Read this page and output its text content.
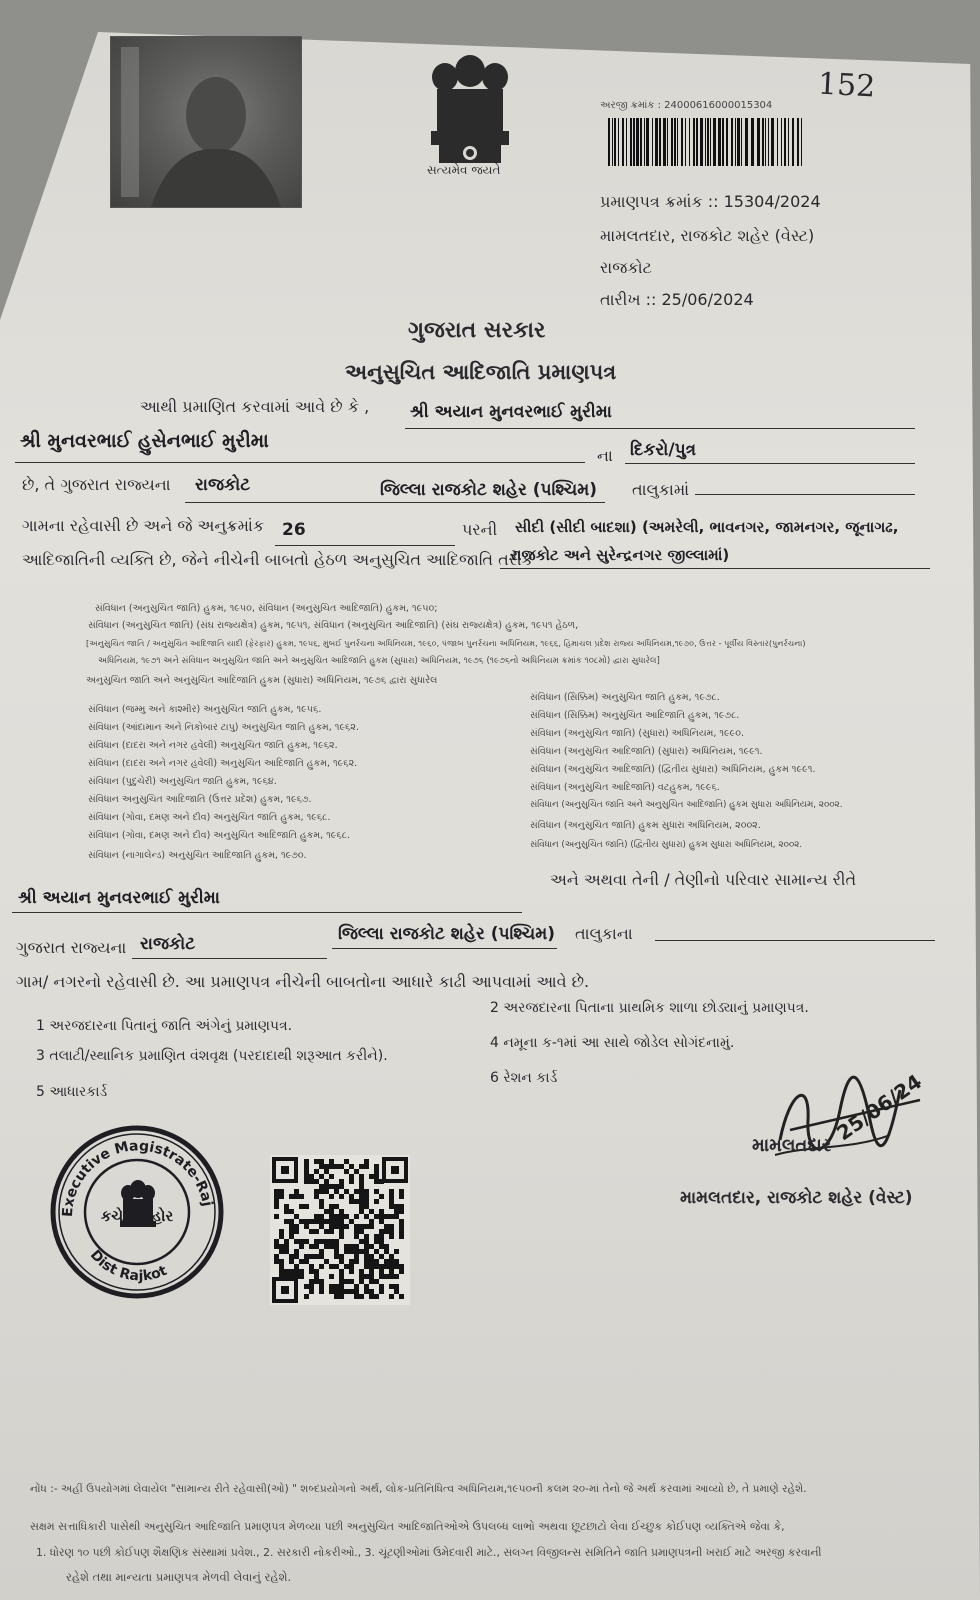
સત્યમેવ જયતે
152
અરજી ક્રમાંક : 24000616000015304
પ્રમાણપત્ર ક્રમાંક :: 15304/2024
મામલતદાર, રાજકોટ શહેર (વેસ્ટ)
રાજકોટ
તારીખ :: 25/06/2024
ગુજરાત સરકાર
અનુસુચિત આદિજાતિ પ્રમાણપત્ર
આથી પ્રમાણિત કરવામાં આવે છે કે , શ્રી અયાન મુનવરભાઈ મુરીમા
શ્રી મુનવરભાઈ હુસેનભાઈ મુરીમા
ના દિકરો/પુત્ર
છે, તે ગુજરાત રાજ્યના રાજકોટ	જિલ્લા રાજકોટ શહેર (પશ્ચિમ) તાલુકામાં
ગામના રહેવાસી છે અને જે અનુક્રમાંક 26	પરની સીદી (સીદી બાદશા) (અમરેલી, ભાવનગર, જામનગર, જૂનાગઢ,
આદિજાતિની વ્યક્તિ છે, જેને નીચેની બાબતો હેઠળ અનુસુચિત આદિજાતિ તરીકે
રાજકોટ અને સુરેન્દ્રનગર જીલ્લામાં)
સંવિધાન (અનુસુચિત જાતિ) હુકમ, ૧૯૫૦, સંવિધાન (અનુસુચિત આદિજાતિ) હુકમ, ૧૯૫૦;
સંવિધાન (અનુસુચિત જાતિ) (સંઘ રાજ્યક્ષેત્ર) હુકમ, ૧૯૫૧, સંવિધાન (અનુસુચિત આદિજાતિ) (સંઘ રાજ્યક્ષેત્ર) હુકમ, ૧૯૫૧ હેઠળ,
[અનુસુચિત જાતિ / અનુસુચિત આદિજાતિ યાદી (ફેરફાર) હુકમ, ૧૯૫૬, મુંબઈ પુનર્રચના અધિનિયમ, ૧૯૬૦, પંજાબ પુનર્રચના અધિનિયમ, ૧૯૬૬, હિમાચલ પ્રદેશ રાજ્ય અધિનિયમ,૧૯૭૦, ઉત્તર - પૂર્વીય વિસ્તાર(પુનર્રચના)
અધિનિયમ, ૧૯૭૧ અને સંવિધાન અનુસુચિત જાતિ અને અનુસુચિત આદિજાતિ હુકમ (સુધારા) અધિનિયમ, ૧૯૭૬ (૧૯૭૬નો અધિનિયમ ક્રમાંક ૧૦૮મો) દ્વારા સુધારેલ]
અનુસુચિત જાતિ અને અનુસુચિત આદિજાતિ હુકમ (સુધારા) અધિનિયમ, ૧૯૭૬ દ્વારા સુધારેલ
સંવિધાન (જમ્મુ અને કાશ્મીર) અનુસુચિત જાતિ હુકમ, ૧૯૫૬.
સંવિધાન (આંદામાન અને નિકોબાર ટાપુ) અનુસુચિત જાતિ હુકમ, ૧૯૬૨.
સંવિધાન (દાદરા અને નગર હવેલી) અનુસુચિત જાતિ હુકમ, ૧૯૬૨.
સંવિધાન (દાદરા અને નગર હવેલી) અનુસુચિત આદિજાતિ હુકમ, ૧૯૬૨.
સંવિધાન (પુદુચેરી) અનુસુચિત જાતિ હુકમ, ૧૯૬૪.
સંવિધાન અનુસુચિત આદિજાતિ (ઉત્તર પ્રદેશ) હુકમ, ૧૯૬૭.
સંવિધાન (ગોવા, દમણ અને દીવ) અનુસુચિત જાતિ હુકમ, ૧૯૬૮.
સંવિધાન (ગોવા, દમણ અને દીવ) અનુસુચિત આદિજાતિ હુકમ, ૧૯૬૮.
સંવિધાન (નાગાલેન્ડ) અનુસુચિત આદિજાતિ હુકમ, ૧૯૭૦.
સંવિધાન (સિક્કિમ) અનુસુચિત જાતિ હુકમ, ૧૯૭૮.
સંવિધાન (સિક્કિમ) અનુસુચિત આદિજાતિ હુકમ, ૧૯૭૮.
સંવિધાન (અનુસુચિત જાતિ) (સુધારા) અધિનિયમ, ૧૯૯૦.
સંવિધાન (અનુસુચિત આદિજાતિ) (સુધારા) અધિનિયમ, ૧૯૯૧.
સંવિધાન (અનુસુચિત આદિજાતિ) (દ્વિતીય સુધારા) અધિનિયમ, હુકમ ૧૯૯૧.
સંવિધાન (અનુસુચિત આદિજાતિ) વટહુકમ, ૧૯૯૬.
સંવિધાન (અનુસુચિત જાતિ અને અનુસુચિત આદિજાતિ) હુકમ સુધારા અધિનિયમ, ૨૦૦૨.
સંવિધાન (અનુસુચિત જાતિ) હુકમ સુધારા અધિનિયમ, ૨૦૦૨.
સંવિધાન (અનુસુચિત જાતિ) (દ્વિતીય સુધારા) હુકમ સુધારા અધિનિયમ, ૨૦૦૨.
અને અથવા તેની / તેણીનો પરિવાર સામાન્ય રીતે
શ્રી અયાન મુનવરભાઈ મુરીમા
ગુજરાત રાજ્યના રાજકોટ	જિલ્લા રાજકોટ શહેર (પશ્ચિમ) તાલુકાના
ગામ/ નગરનો રહેવાસી છે. આ પ્રમાણપત્ર નીચેની બાબતોના આધારે કાઢી આપવામાં આવે છે.
1 અરજદારના પિતાનું જાતિ અંગેનું પ્રમાણપત્ર.
2 અરજદારના પિતાના પ્રાથમિક શાળા છોડ્યાનું પ્રમાણપત્ર.
3 તલાટી/સ્થાનિક પ્રમાણિત વંશવૃક્ષ (પરદાદાથી શરૂઆત કરીને).
4 નમૂના ક-૧માં આ સાથે જોડેલ સોગંદનામું.
5 આધારકાર્ડ
6 રેશન કાર્ડ
Executive Magistrate-Raj
Dist Rajkot
કચેરી મહોર
25/06/24
મામલતદાર
મામલતદાર, રાજકોટ શહેર (વેસ્ટ)
નોંધ :- અહીં ઉપયોગમાં લેવાયેલ "સામાન્ય રીતે રહેવાસી(ઓ) " શબ્દપ્રયોગનો અર્થ, લોક-પ્રતિનિધિત્વ અધિનિયમ,૧૯૫૦ની કલમ ૨૦-માં તેનો જે અર્થ કરવામાં આવ્યો છે, તે પ્રમાણે રહેશે.
સક્ષમ સત્તાધિકારી પાસેથી અનુસુચિત આદિજાતિ પ્રમાણપત્ર મેળવ્યા પછી અનુસુચિત આદિજાતિઓએ ઉપલબ્ધ લાભો અથવા છૂટછાટો લેવા ઈચ્છુક કોઈપણ વ્યક્તિએ જેવા કે,
1. ધોરણ ૧૦ પછી કોઈપણ શૈક્ષણિક સંસ્થામાં પ્રવેશ., 2. સરકારી નોકરીઓ., 3. ચૂંટણીઓમાં ઉમેદવારી માટે., સંલગ્ન વિજીલન્સ સમિતિને જાતિ પ્રમાણપત્રની ખરાઈ માટે અરજી કરવાની
રહેશે તથા માન્યતા પ્રમાણપત્ર મેળવી લેવાનું રહેશે.
